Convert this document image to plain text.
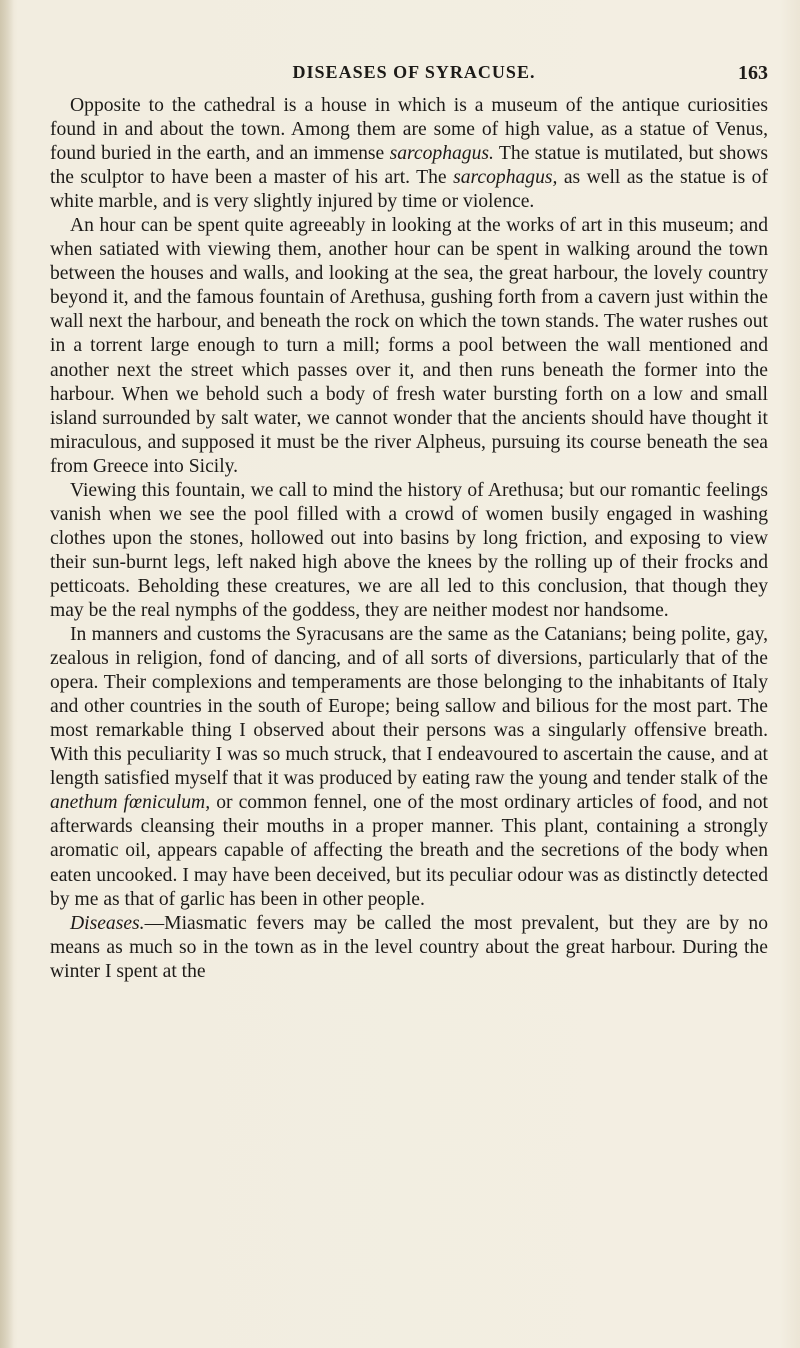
DISEASES OF SYRACUSE.	163

Opposite to the cathedral is a house in which is a museum of the antique curiosities found in and about the town. Among them are some of high value, as a statue of Venus, found buried in the earth, and an immense sarcophagus. The statue is mutilated, but shows the sculptor to have been a master of his art. The sarcophagus, as well as the statue is of white marble, and is very slightly injured by time or violence.

An hour can be spent quite agreeably in looking at the works of art in this museum; and when satiated with viewing them, another hour can be spent in walking around the town between the houses and walls, and looking at the sea, the great harbour, the lovely country beyond it, and the famous fountain of Arethusa, gushing forth from a cavern just within the wall next the harbour, and beneath the rock on which the town stands. The water rushes out in a torrent large enough to turn a mill; forms a pool between the wall mentioned and another next the street which passes over it, and then runs beneath the former into the harbour. When we behold such a body of fresh water bursting forth on a low and small island surrounded by salt water, we cannot wonder that the ancients should have thought it miraculous, and supposed it must be the river Alpheus, pursuing its course beneath the sea from Greece into Sicily.

Viewing this fountain, we call to mind the history of Arethusa; but our romantic feelings vanish when we see the pool filled with a crowd of women busily engaged in washing clothes upon the stones, hollowed out into basins by long friction, and exposing to view their sun-burnt legs, left naked high above the knees by the rolling up of their frocks and petticoats. Beholding these creatures, we are all led to this conclusion, that though they may be the real nymphs of the goddess, they are neither modest nor handsome.

In manners and customs the Syracusans are the same as the Catanians; being polite, gay, zealous in religion, fond of dancing, and of all sorts of diversions, particularly that of the opera. Their complexions and temperaments are those belonging to the inhabitants of Italy and other countries in the south of Europe; being sallow and bilious for the most part. The most remarkable thing I observed about their persons was a singularly offensive breath. With this peculiarity I was so much struck, that I endeavoured to ascertain the cause, and at length satisfied myself that it was produced by eating raw the young and tender stalk of the anethum fœniculum, or common fennel, one of the most ordinary articles of food, and not afterwards cleansing their mouths in a proper manner. This plant, containing a strongly aromatic oil, appears capable of affecting the breath and the secretions of the body when eaten uncooked. I may have been deceived, but its peculiar odour was as distinctly detected by me as that of garlic has been in other people.

Diseases.—Miasmatic fevers may be called the most prevalent, but they are by no means as much so in the town as in the level country about the great harbour. During the winter I spent at the
